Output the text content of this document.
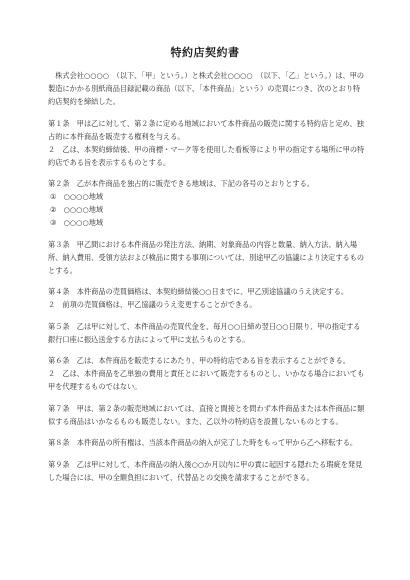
特約店契約書

　株式会社○○○○　（以下、「甲」という。）と株式会社○○○○　（以下、「乙」という。）は、甲の製造にかかる別紙商品目録記載の商品（以下、「本件商品」という）の売買につき、次のとおり特約店契約を締結した。

第１条　甲は乙に対して、第２条に定める地域において本件商品の販売に関する特約店と定め、独占的に本件商品を販売する権利を与える。

２　乙は、本契約締結後、甲の商標・マーク等を使用した看板等により甲の指定する場所に甲の特約店である旨を表示するものとする。

第２条　乙が本件商品を独占的に販売できる地域は、下記の各号のとおりとする。

①　○○○○地域
②　○○○○地域
③　○○○○地域

第３条　甲乙間における本件商品の発注方法、納期、対象商品の内容と数量、納入方法、納入場所、納入費用、受領方法および検品に関する事項については、別途甲乙の協議により決定するものとする。

第４条　本件商品の売買価格は、本契約締結後○○日までに、甲乙別途協議のうえ決定する。

２　前項の売買価格は、甲乙協議のうえ変更することができる。

第５条　乙は甲に対して、本件商品の売買代金を、毎月○○日締め翌日○○日限り、甲の指定する銀行口座に振込送金する方法によって甲に支払うものとする。

第６条　乙は、本件商品を販売するにあたり、甲の特約店である旨を表示することができる。

２　乙は、本件商品を乙単独の費用と責任とにおいて販売するものとし、いかなる場合においても甲を代理するものではない。

第７条　甲は、第２条の販売地域においては、直接と間接とを問わず本件商品または本件商品に類似する商品はいかなるものも販売しない。また、乙以外の特約店を設置しないものとする。

第８条　本件商品の所有権は、当該本件商品の納入が完了した時をもって甲から乙へ移転する。

第９条　乙は甲に対して、本件商品の納入後○○か月以内に甲の責に起因する隠れたる瑕疵を発見した場合には、甲の全額負担において、代替品との交換を請求することができる。
